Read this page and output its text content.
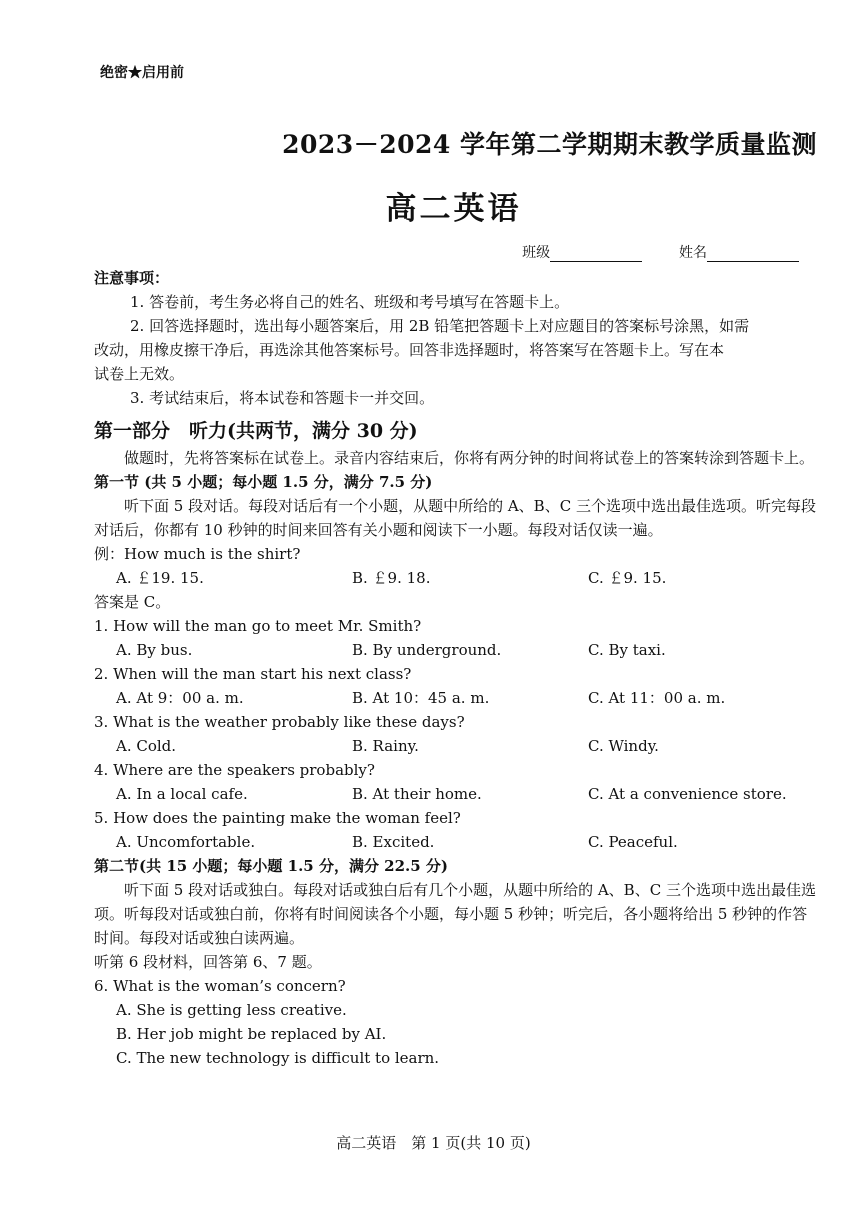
绝密★启用前
2023－2024 学年第二学期期末教学质量监测
高二英语
班级	姓名
注意事项：
1. 答卷前，考生务必将自己的姓名、班级和考号填写在答题卡上。
2. 回答选择题时，选出每小题答案后，用 2B 铅笔把答题卡上对应题目的答案标号涂黑，如需
改动，用橡皮擦干净后，再选涂其他答案标号。回答非选择题时，将答案写在答题卡上。写在本
试卷上无效。
3. 考试结束后，将本试卷和答题卡一并交回。
第一部分　听力(共两节，满分 30 分)
做题时，先将答案标在试卷上。录音内容结束后，你将有两分钟的时间将试卷上的答案转涂到答题卡上。
第一节 (共 5 小题；每小题 1.5 分，满分 7.5 分)
听下面 5 段对话。每段对话后有一个小题，从题中所给的 A、B、C 三个选项中选出最佳选项。听完每段对话后，你都有 10 秒钟的时间来回答有关小题和阅读下一小题。每段对话仅读一遍。
例：How much is the shirt?
A. ￡19. 15.	B. ￡9. 18.	C. ￡9. 15.
答案是 C。
1. How will the man go to meet Mr. Smith?
A. By bus.	B. By underground.	C. By taxi.
2. When will the man start his next class?
A. At 9：00 a. m.	B. At 10：45 a. m.	C. At 11：00 a. m.
3. What is the weather probably like these days?
A. Cold.	B. Rainy.	C. Windy.
4. Where are the speakers probably?
A. In a local cafe.	B. At their home.	C. At a convenience store.
5. How does the painting make the woman feel?
A. Uncomfortable.	B. Excited.	C. Peaceful.
第二节(共 15 小题；每小题 1.5 分，满分 22.5 分)
听下面 5 段对话或独白。每段对话或独白后有几个小题，从题中所给的 A、B、C 三个选项中选出最佳选项。听每段对话或独白前，你将有时间阅读各个小题，每小题 5 秒钟；听完后，各小题将给出 5 秒钟的作答时间。每段对话或独白读两遍。
听第 6 段材料，回答第 6、7 题。
6. What is the woman’s concern?
A. She is getting less creative.
B. Her job might be replaced by AI.
C. The new technology is difficult to learn.
高二英语　第 1 页(共 10 页)
